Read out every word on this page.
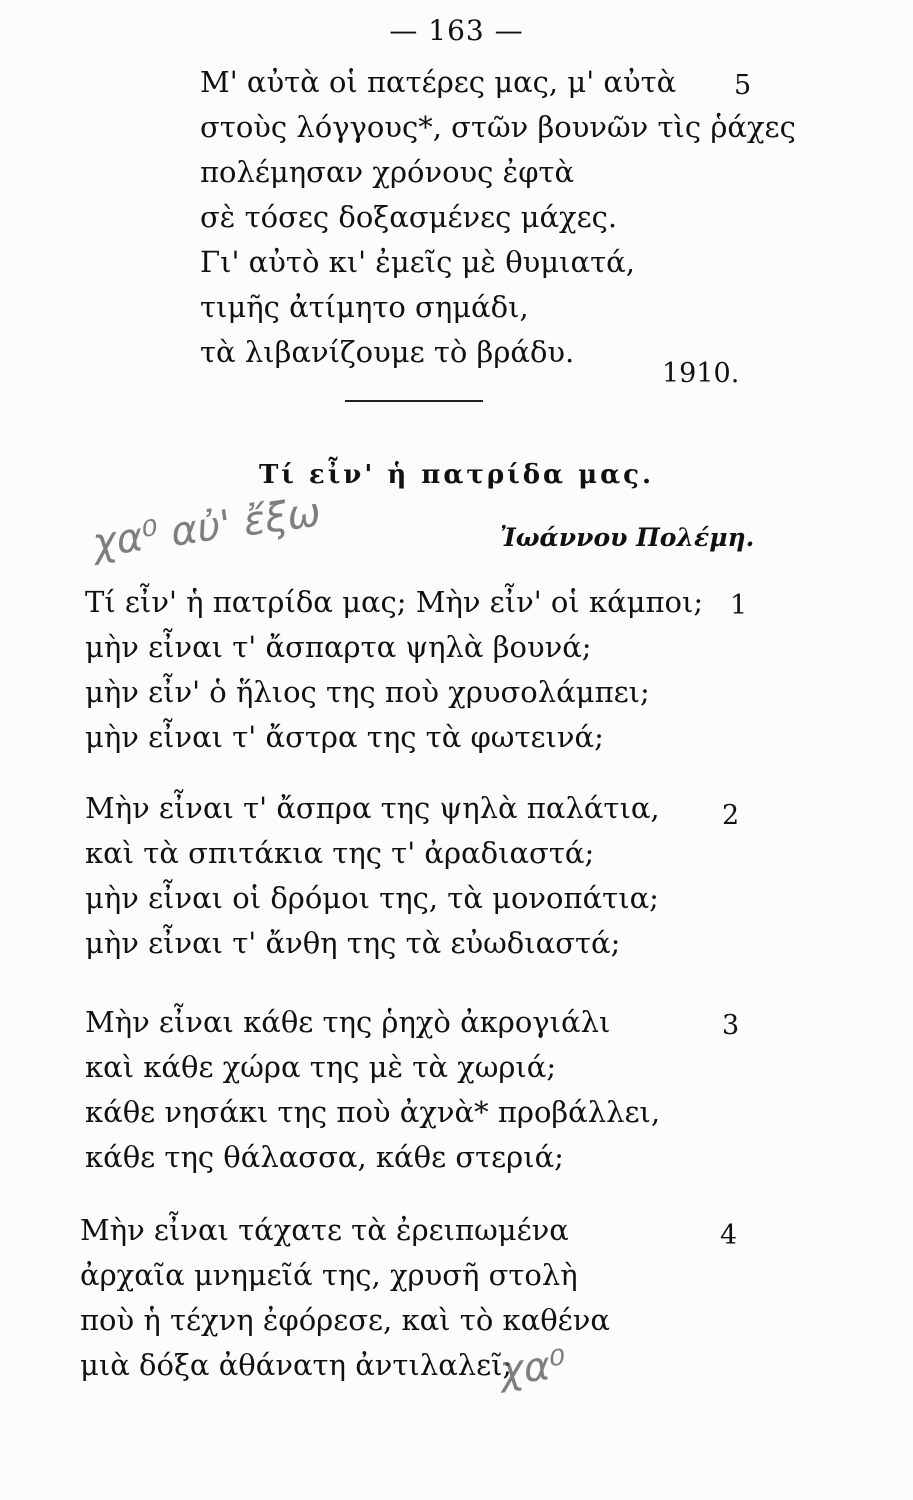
— 163 —
Μ' αὐτὰ οἱ πατέρες μας, μ' αὐτὰ
στοὺς λόγγους*, στῶν βουνῶν τὶς ῥάχες
πολέμησαν χρόνους ἐφτὰ
σὲ τόσες δοξασμένες μάχες.
Γι' αὐτὸ κι' ἐμεῖς μὲ θυμιατά,
τιμῆς ἀτίμητο σημάδι,
τὰ λιβανίζουμε τὸ βράδυ.
5
1910.
Τί εἶν' ἡ πατρίδα μας.
Ἰωάννου Πολέμη.
χα⁰ αὐ' ἔξω
Τί εἶν' ἡ πατρίδα μας; Μὴν εἶν' οἱ κάμποι;
μὴν εἶναι τ' ἄσπαρτα ψηλὰ βουνά;
μὴν εἶν' ὁ ἥλιος της ποὺ χρυσολάμπει;
μὴν εἶναι τ' ἄστρα της τὰ φωτεινά;
1
Μὴν εἶναι τ' ἄσπρα της ψηλὰ παλάτια,
καὶ τὰ σπιτάκια της τ' ἀραδιαστά;
μὴν εἶναι οἱ δρόμοι της, τὰ μονοπάτια;
μὴν εἶναι τ' ἄνθη της τὰ εὐωδιαστά;
2
Μὴν εἶναι κάθε της ῥηχὸ ἀκρογιάλι
καὶ κάθε χώρα της μὲ τὰ χωριά;
κάθε νησάκι της ποὺ ἀχνὰ* προβάλλει,
κάθε της θάλασσα, κάθε στεριά;
3
Μὴν εἶναι τάχατε τὰ ἐρειπωμένα
ἀρχαῖα μνημεῖά της, χρυσῆ στολὴ
ποὺ ἡ τέχνη ἐφόρεσε, καὶ τὸ καθένα
μιὰ δόξα ἀθάνατη ἀντιλαλεῖ;
4
χα⁰
